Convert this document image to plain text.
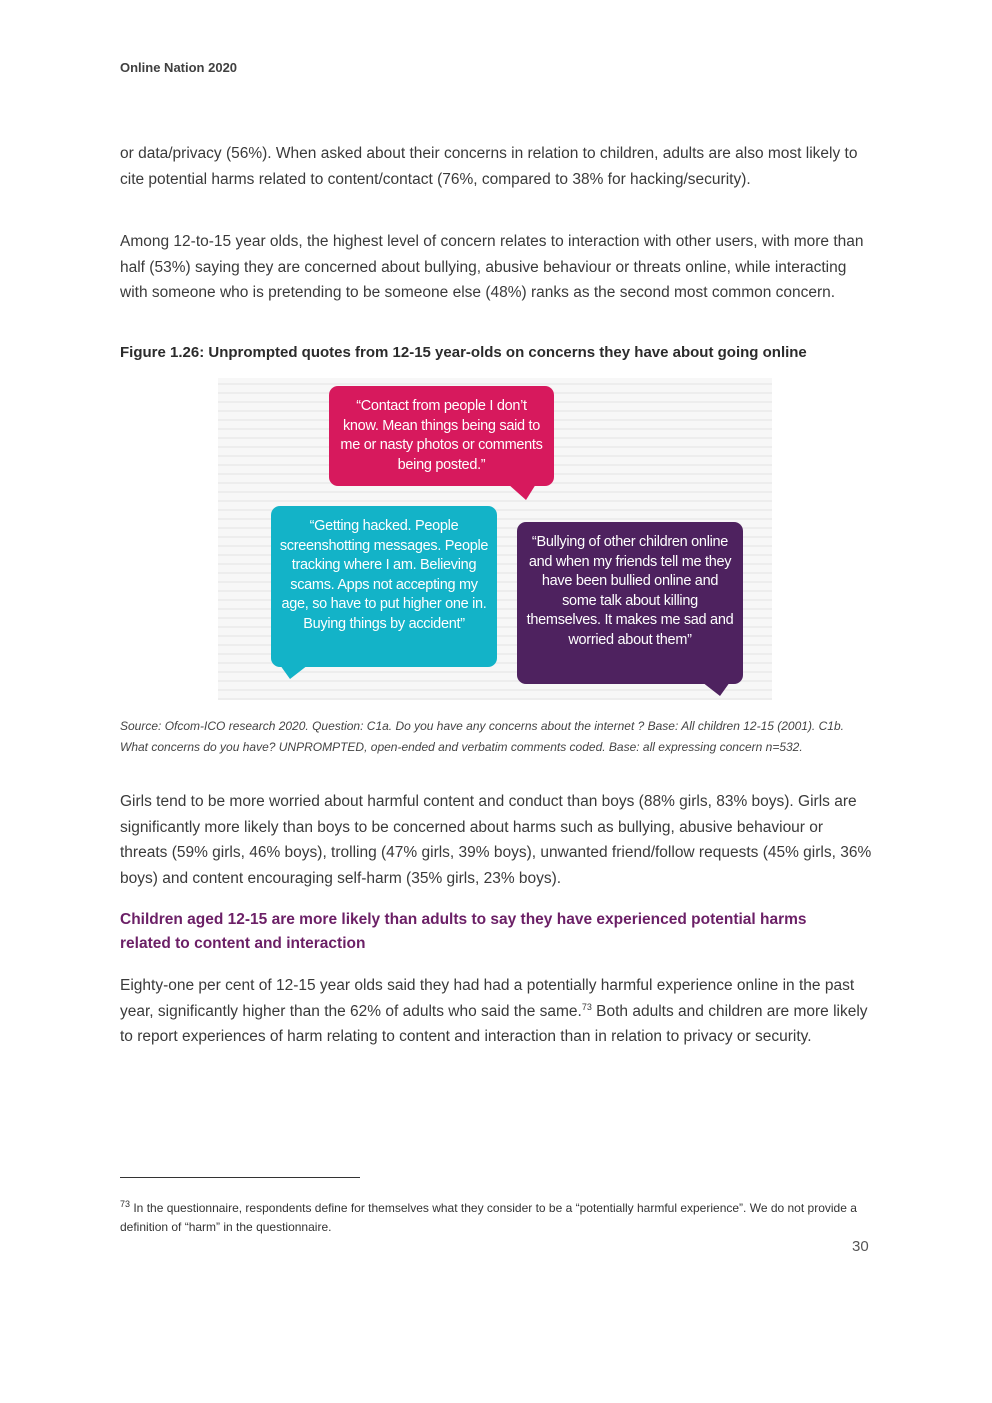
Online Nation 2020

or data/privacy (56%). When asked about their concerns in relation to children, adults are also most likely to cite potential harms related to content/contact (76%, compared to 38% for hacking/security).

Among 12-to-15 year olds, the highest level of concern relates to interaction with other users, with more than half (53%) saying they are concerned about bullying, abusive behaviour or threats online, while interacting with someone who is pretending to be someone else (48%) ranks as the second most common concern.

Figure 1.26: Unprompted quotes from 12-15 year-olds on concerns they have about going online

“Contact from people I don’t know. Mean things being said to me or nasty photos or comments being posted.”

“Getting hacked. People screenshotting messages. People tracking where I am. Believing scams. Apps not accepting my age, so have to put higher one in. Buying things by accident”

“Bullying of other children online and when my friends tell me they have been bullied online and some talk about killing themselves. It makes me sad and worried about them”

Source: Ofcom-ICO research 2020. Question: C1a. Do you have any concerns about the internet ? Base: All children 12-15 (2001). C1b. What concerns do you have? UNPROMPTED, open-ended and verbatim comments coded. Base: all expressing concern n=532.

Girls tend to be more worried about harmful content and conduct than boys (88% girls, 83% boys). Girls are significantly more likely than boys to be concerned about harms such as bullying, abusive behaviour or threats (59% girls, 46% boys), trolling (47% girls, 39% boys), unwanted friend/follow requests (45% girls, 36% boys) and content encouraging self-harm (35% girls, 23% boys).

Children aged 12-15 are more likely than adults to say they have experienced potential harms related to content and interaction

Eighty-one per cent of 12-15 year olds said they had had a potentially harmful experience online in the past year, significantly higher than the 62% of adults who said the same.$^{73}$ Both adults and children are more likely to report experiences of harm relating to content and interaction than in relation to privacy or security.

$^{73}$ In the questionnaire, respondents define for themselves what they consider to be a “potentially harmful experience”. We do not provide a definition of “harm” in the questionnaire.

30
